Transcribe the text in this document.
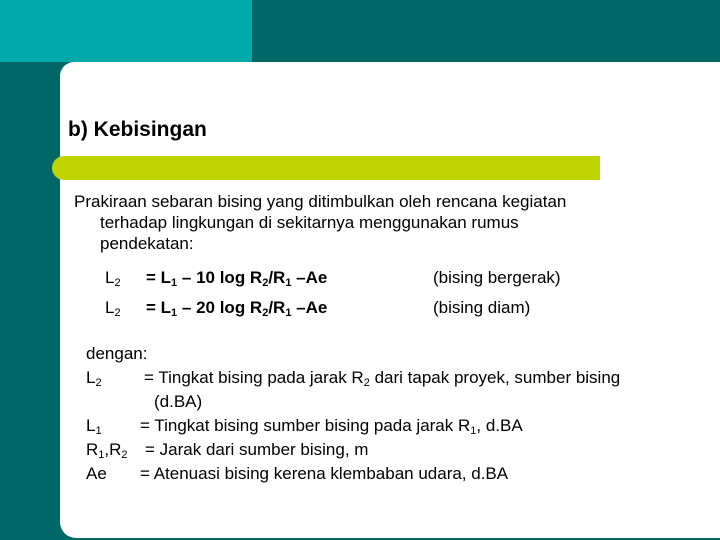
b) Kebisingan
Prakiraan sebaran bising yang ditimbulkan oleh rencana kegiatan
terhadap lingkungan di sekitarnya menggunakan rumus
pendekatan:
$L_2 = L_1 - 10$ $\log R_2/R_1$ –Ae	(bising bergerak)
$L_2 = L_1 - 20$ $\log R_2/R_1$ –Ae	(bising diam)
dengan:
$L_2$ = Tingkat bising pada jarak $R_2$ dari tapak proyek, sumber bising
(d.BA)
$L_1$ = Tingkat bising sumber bising pada jarak $R_1$, d.BA
$R_1,R_2$ = Jarak dari sumber bising, m
Ae = Atenuasi bising kerena klembaban udara, d.BA
